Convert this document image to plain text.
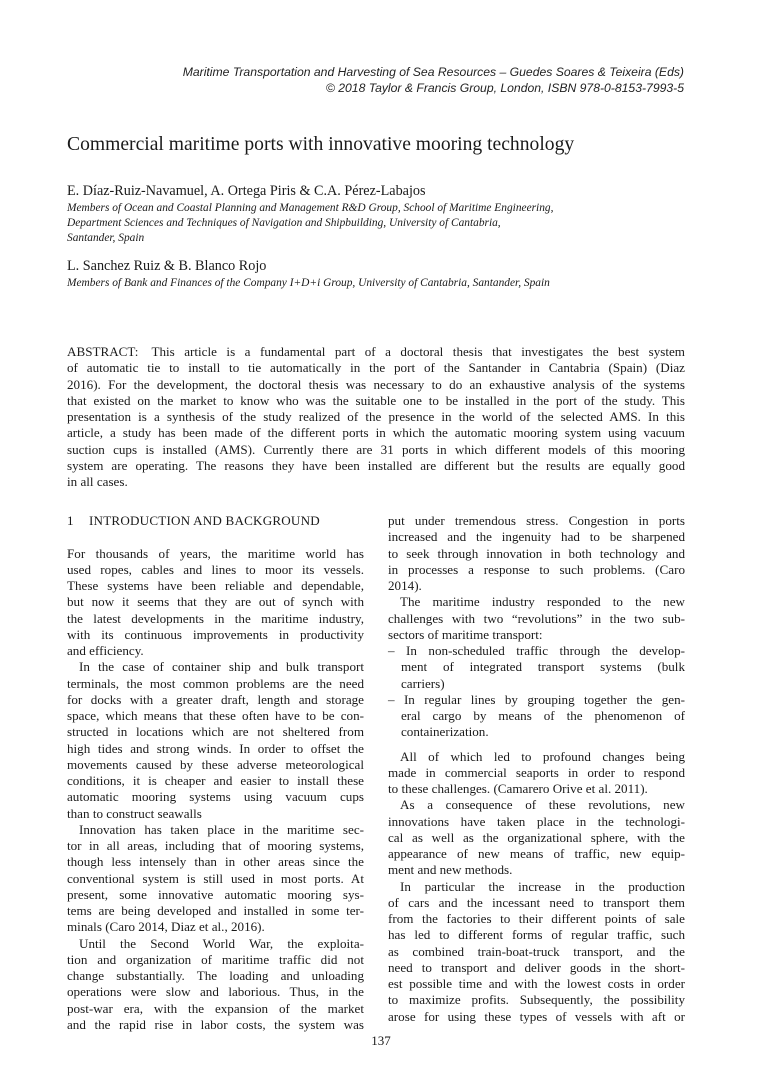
Maritime Transportation and Harvesting of Sea Resources – Guedes Soares & Teixeira (Eds)
© 2018 Taylor & Francis Group, London, ISBN 978-0-8153-7993-5
Commercial maritime ports with innovative mooring technology
E. Díaz-Ruiz-Navamuel, A. Ortega Piris & C.A. Pérez-Labajos
Members of Ocean and Coastal Planning and Management R&D Group, School of Maritime Engineering,
Department Sciences and Techniques of Navigation and Shipbuilding, University of Cantabria,
Santander, Spain
L. Sanchez Ruiz & B. Blanco Rojo
Members of Bank and Finances of the Company I+D+i Group, University of Cantabria, Santander, Spain
ABSTRACT: This article is a fundamental part of a doctoral thesis that investigates the best system
of automatic tie to install to tie automatically in the port of the Santander in Cantabria (Spain) (Diaz
2016). For the development, the doctoral thesis was necessary to do an exhaustive analysis of the systems
that existed on the market to know who was the suitable one to be installed in the port of the study. This
presentation is a synthesis of the study realized of the presence in the world of the selected AMS. In this
article, a study has been made of the different ports in which the automatic mooring system using vacuum
suction cups is installed (AMS). Currently there are 31 ports in which different models of this mooring
system are operating. The reasons they have been installed are different but the results are equally good
in all cases.
1 INTRODUCTION AND BACKGROUND
For thousands of years, the maritime world has
used ropes, cables and lines to moor its vessels.
These systems have been reliable and dependable,
but now it seems that they are out of synch with
the latest developments in the maritime industry,
with its continuous improvements in productivity
and efficiency.
In the case of container ship and bulk transport
terminals, the most common problems are the need
for docks with a greater draft, length and storage
space, which means that these often have to be con-
structed in locations which are not sheltered from
high tides and strong winds. In order to offset the
movements caused by these adverse meteorological
conditions, it is cheaper and easier to install these
automatic mooring systems using vacuum cups
than to construct seawalls
Innovation has taken place in the maritime sec-
tor in all areas, including that of mooring systems,
though less intensely than in other areas since the
conventional system is still used in most ports. At
present, some innovative automatic mooring sys-
tems are being developed and installed in some ter-
minals (Caro 2014, Diaz et al., 2016).
Until the Second World War, the exploita-
tion and organization of maritime traffic did not
change substantially. The loading and unloading
operations were slow and laborious. Thus, in the
post-war era, with the expansion of the market
and the rapid rise in labor costs, the system was
put under tremendous stress. Congestion in ports
increased and the ingenuity had to be sharpened
to seek through innovation in both technology and
in processes a response to such problems. (Caro
2014).
The maritime industry responded to the new
challenges with two “revolutions” in the two sub-
sectors of maritime transport:
– In non-scheduled traffic through the develop-
ment of integrated transport systems (bulk
carriers)
– In regular lines by grouping together the gen-
eral cargo by means of the phenomenon of
containerization.
All of which led to profound changes being
made in commercial seaports in order to respond
to these challenges. (Camarero Orive et al. 2011).
As a consequence of these revolutions, new
innovations have taken place in the technologi-
cal as well as the organizational sphere, with the
appearance of new means of traffic, new equip-
ment and new methods.
In particular the increase in the production
of cars and the incessant need to transport them
from the factories to their different points of sale
has led to different forms of regular traffic, such
as combined train-boat-truck transport, and the
need to transport and deliver goods in the short-
est possible time and with the lowest costs in order
to maximize profits. Subsequently, the possibility
arose for using these types of vessels with aft or
137
